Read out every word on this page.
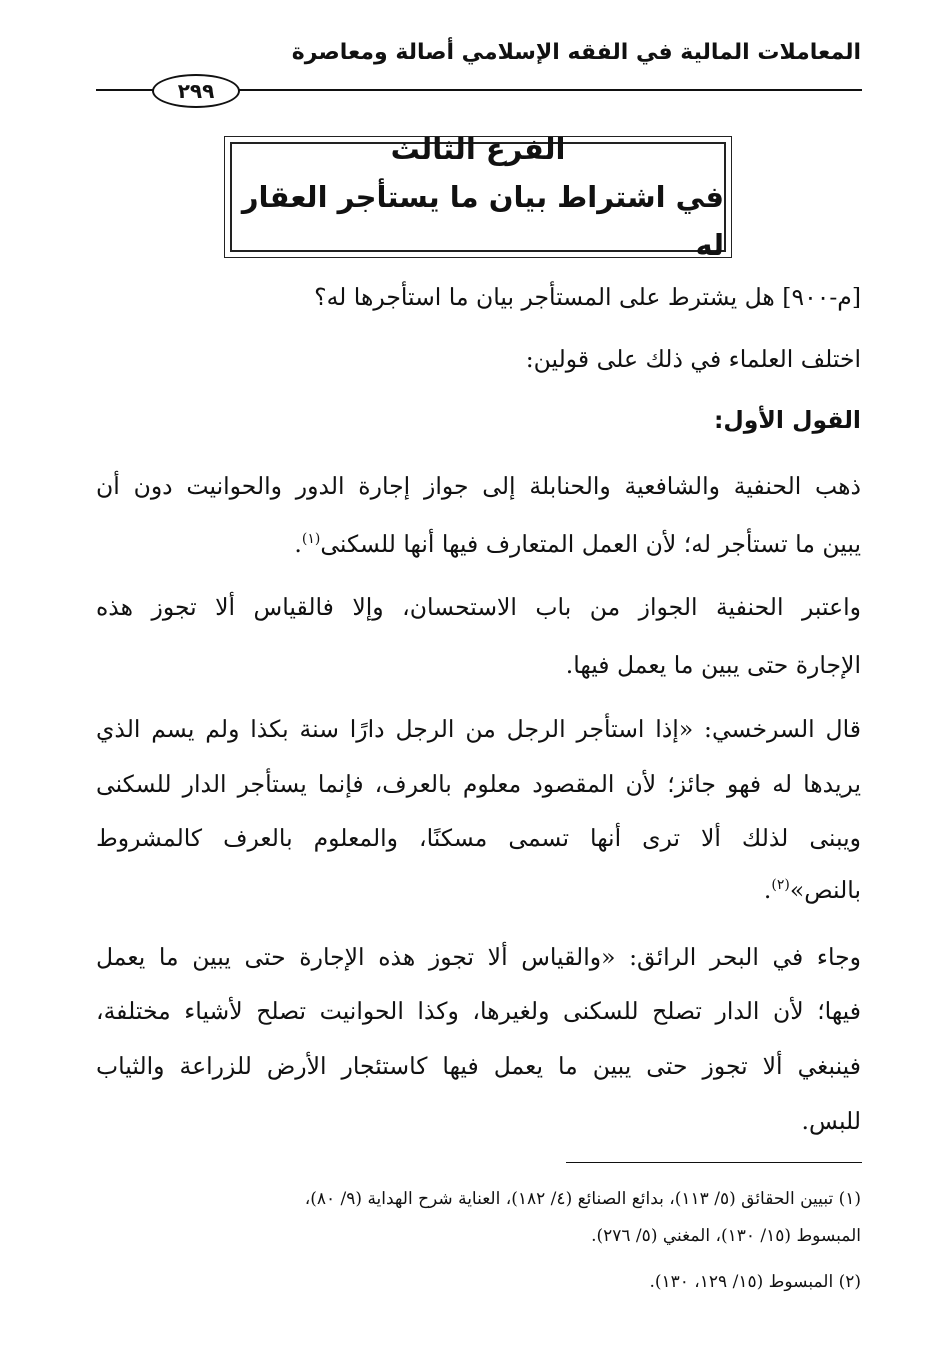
المعاملات المالية في الفقه الإسلامي أصالة ومعاصرة
٢٩٩
الفرع الثالث
في اشتراط بيان ما يستأجر العقار له
[م-٩٠٠] هل يشترط على المستأجر بيان ما استأجرها له؟
اختلف العلماء في ذلك على قولين:
القول الأول:
ذهب الحنفية والشافعية والحنابلة إلى جواز إجارة الدور والحوانيت دون أن
يبين ما تستأجر له؛ لأن العمل المتعارف فيها أنها للسكنى$^{(١)}$.
واعتبر الحنفية الجواز من باب الاستحسان، وإلا فالقياس ألا تجوز هذه
الإجارة حتى يبين ما يعمل فيها.
قال السرخسي: «إذا استأجر الرجل من الرجل دارًا سنة بكذا ولم يسم الذي
يريدها له فهو جائز؛ لأن المقصود معلوم بالعرف، فإنما يستأجر الدار للسكنى
ويبنى لذلك ألا ترى أنها تسمى مسكنًا، والمعلوم بالعرف كالمشروط
بالنص»$^{(٢)}$.
وجاء في البحر الرائق: «والقياس ألا تجوز هذه الإجارة حتى يبين ما يعمل
فيها؛ لأن الدار تصلح للسكنى ولغيرها، وكذا الحوانيت تصلح لأشياء مختلفة،
فينبغي ألا تجوز حتى يبين ما يعمل فيها كاستئجار الأرض للزراعة والثياب
للبس.
(١) تبيين الحقائق (٥/ ١١٣)، بدائع الصنائع (٤/ ١٨٢)، العناية شرح الهداية (٩/ ٨٠)،
المبسوط (١٥/ ١٣٠)، المغني (٥/ ٢٧٦).
(٢) المبسوط (١٥/ ١٢٩، ١٣٠).
